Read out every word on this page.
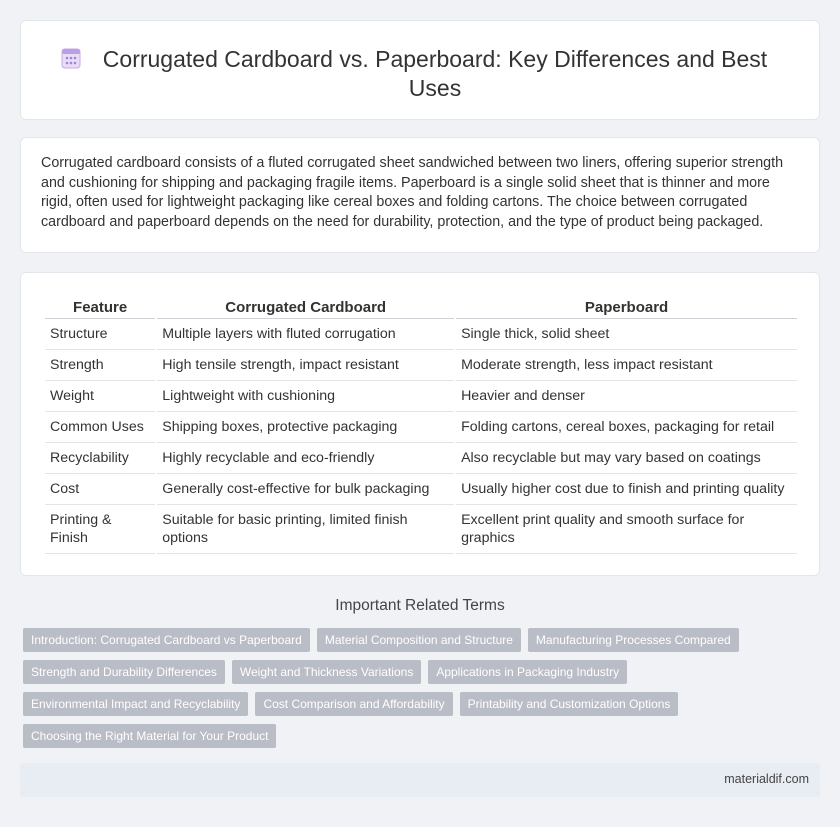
Corrugated Cardboard vs. Paperboard: Key Differences and Best Uses

Corrugated cardboard consists of a fluted corrugated sheet sandwiched between two liners, offering superior strength and cushioning for shipping and packaging fragile items. Paperboard is a single solid sheet that is thinner and more rigid, often used for lightweight packaging like cereal boxes and folding cartons. The choice between corrugated cardboard and paperboard depends on the need for durability, protection, and the type of product being packaged.

Feature	Corrugated Cardboard	Paperboard
Structure	Multiple layers with fluted corrugation	Single thick, solid sheet
Strength	High tensile strength, impact resistant	Moderate strength, less impact resistant
Weight	Lightweight with cushioning	Heavier and denser
Common Uses	Shipping boxes, protective packaging	Folding cartons, cereal boxes, packaging for retail
Recyclability	Highly recyclable and eco-friendly	Also recyclable but may vary based on coatings
Cost	Generally cost-effective for bulk packaging	Usually higher cost due to finish and printing quality
Printing & Finish	Suitable for basic printing, limited finish options	Excellent print quality and smooth surface for graphics
Important Related Terms
Introduction: Corrugated Cardboard vs Paperboard	Material Composition and Structure	Manufacturing Processes Compared
Strength and Durability Differences	Weight and Thickness Variations	Applications in Packaging Industry
Environmental Impact and Recyclability	Cost Comparison and Affordability	Printability and Customization Options
Choosing the Right Material for Your Product
materialdif.com
